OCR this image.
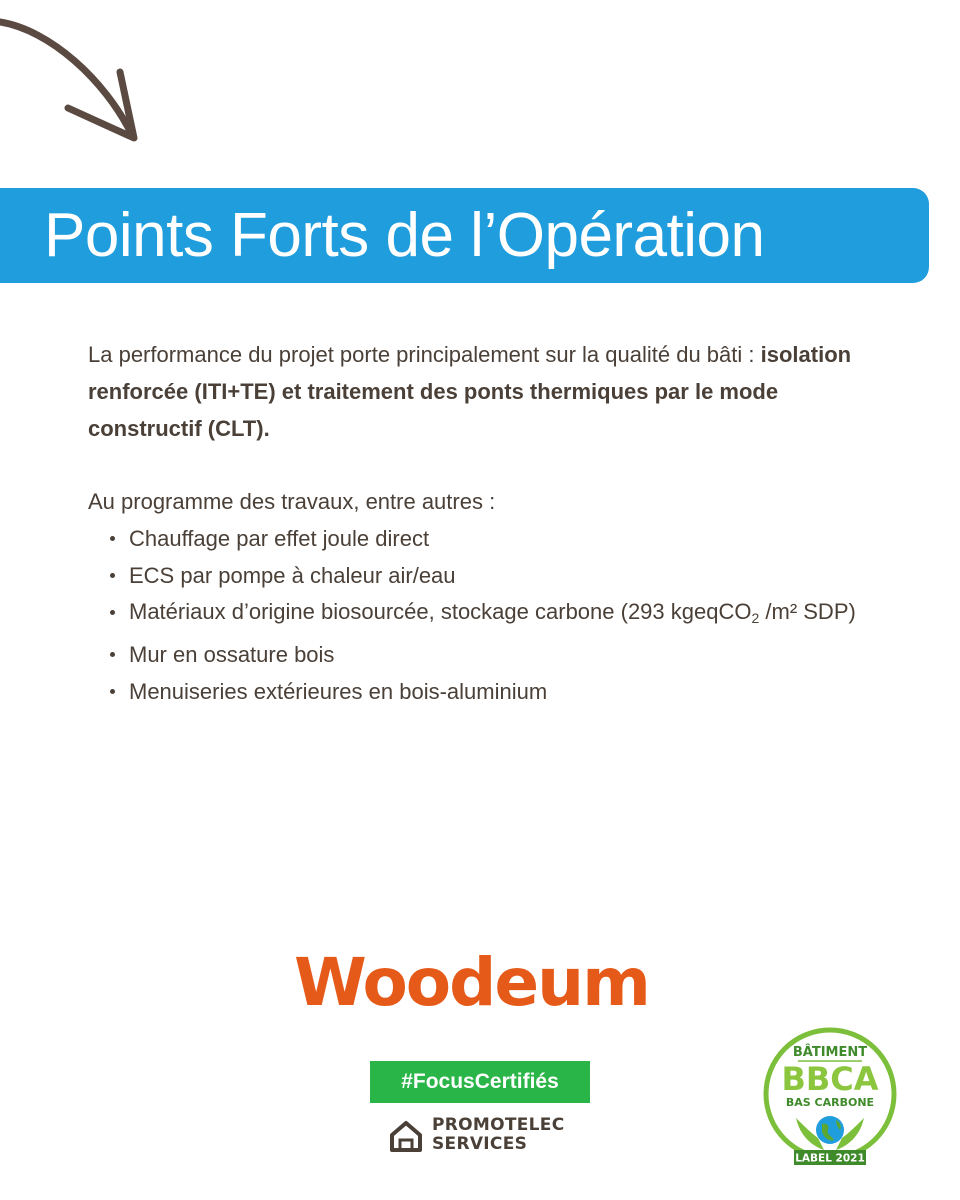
Points Forts de l’Opération
La performance du projet porte principalement sur la qualité du bâti : isolation renforcée (ITI+TE) et traitement des ponts thermiques par le mode constructif (CLT).
Au programme des travaux, entre autres :
Chauffage par effet joule direct
ECS par pompe à chaleur air/eau
Matériaux d’origine biosourcée, stockage carbone (293 kgeqCO$_2$ /m² SDP)
Mur en ossature bois
Menuiseries extérieures en bois-aluminium
Woodeum
#FocusCertifiés
PROMOTELEC
SERVICES
BÂTIMENT
BBCA
BAS CARBONE
LABEL 2021
